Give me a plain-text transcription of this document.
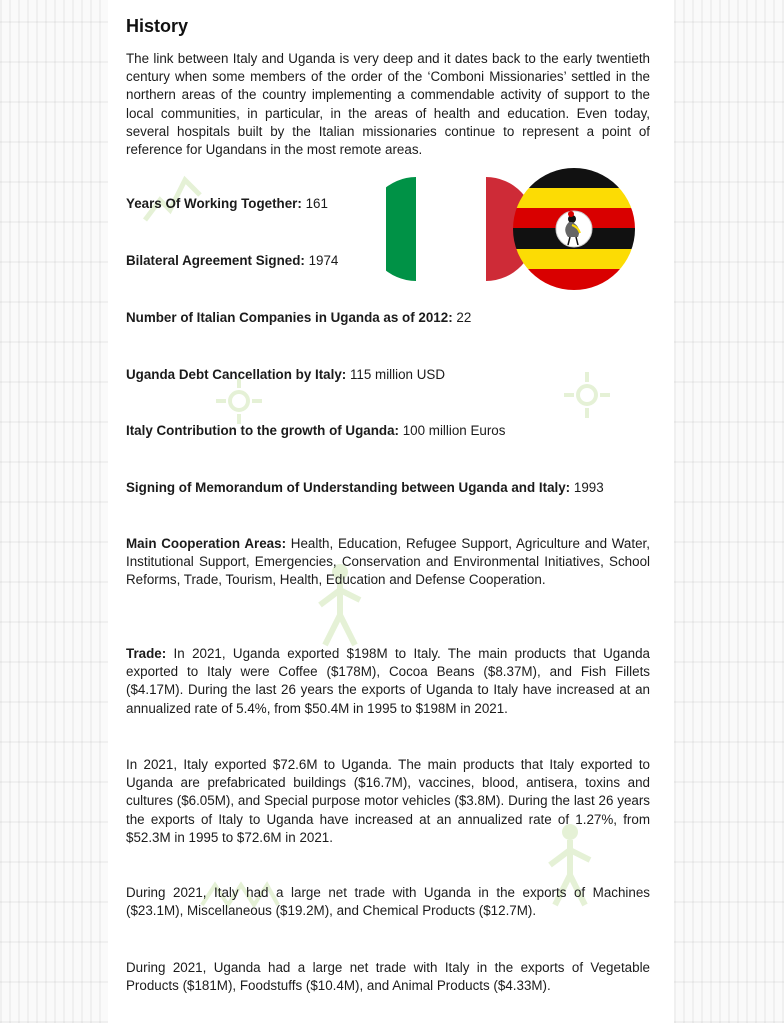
History

The link between Italy and Uganda is very deep and it dates back to the early twentieth century when some members of the order of the ‘Comboni Missionaries’ settled in the northern areas of the country implementing a commendable activity of support to the local communities, in particular, in the areas of health and education. Even today, several hospitals built by the Italian missionaries continue to represent a point of reference for Ugandans in the most remote areas.

Years Of Working Together: 161

Bilateral Agreement Signed: 1974

Number of Italian Companies in Uganda as of 2012: 22

Uganda Debt Cancellation by Italy: 115 million USD

Italy Contribution to the growth of Uganda: 100 million Euros

Signing of Memorandum of Understanding between Uganda and Italy: 1993

Main Cooperation Areas: Health, Education, Refugee Support, Agriculture and Water, Institutional Support, Emergencies, Conservation and Environmental Initiatives, School Reforms, Trade, Tourism, Health, Education and Defense Cooperation.

Trade: In 2021, Uganda exported $198M to Italy. The main products that Uganda exported to Italy were Coffee ($178M), Cocoa Beans ($8.37M), and Fish Fillets ($4.17M). During the last 26 years the exports of Uganda to Italy have increased at an annualized rate of 5.4%, from $50.4M in 1995 to $198M in 2021.

In 2021, Italy exported $72.6M to Uganda. The main products that Italy exported to Uganda are prefabricated buildings ($16.7M), vaccines, blood, antisera, toxins and cultures ($6.05M), and Special purpose motor vehicles ($3.8M). During the last 26 years the exports of Italy to Uganda have increased at an annualized rate of 1.27%, from $52.3M in 1995 to $72.6M in 2021.

During 2021, Italy had a large net trade with Uganda in the exports of Machines ($23.1M), Miscellaneous ($19.2M), and Chemical Products ($12.7M).

During 2021, Uganda had a large net trade with Italy in the exports of Vegetable Products ($181M), Foodstuffs ($10.4M), and Animal Products ($4.33M).
